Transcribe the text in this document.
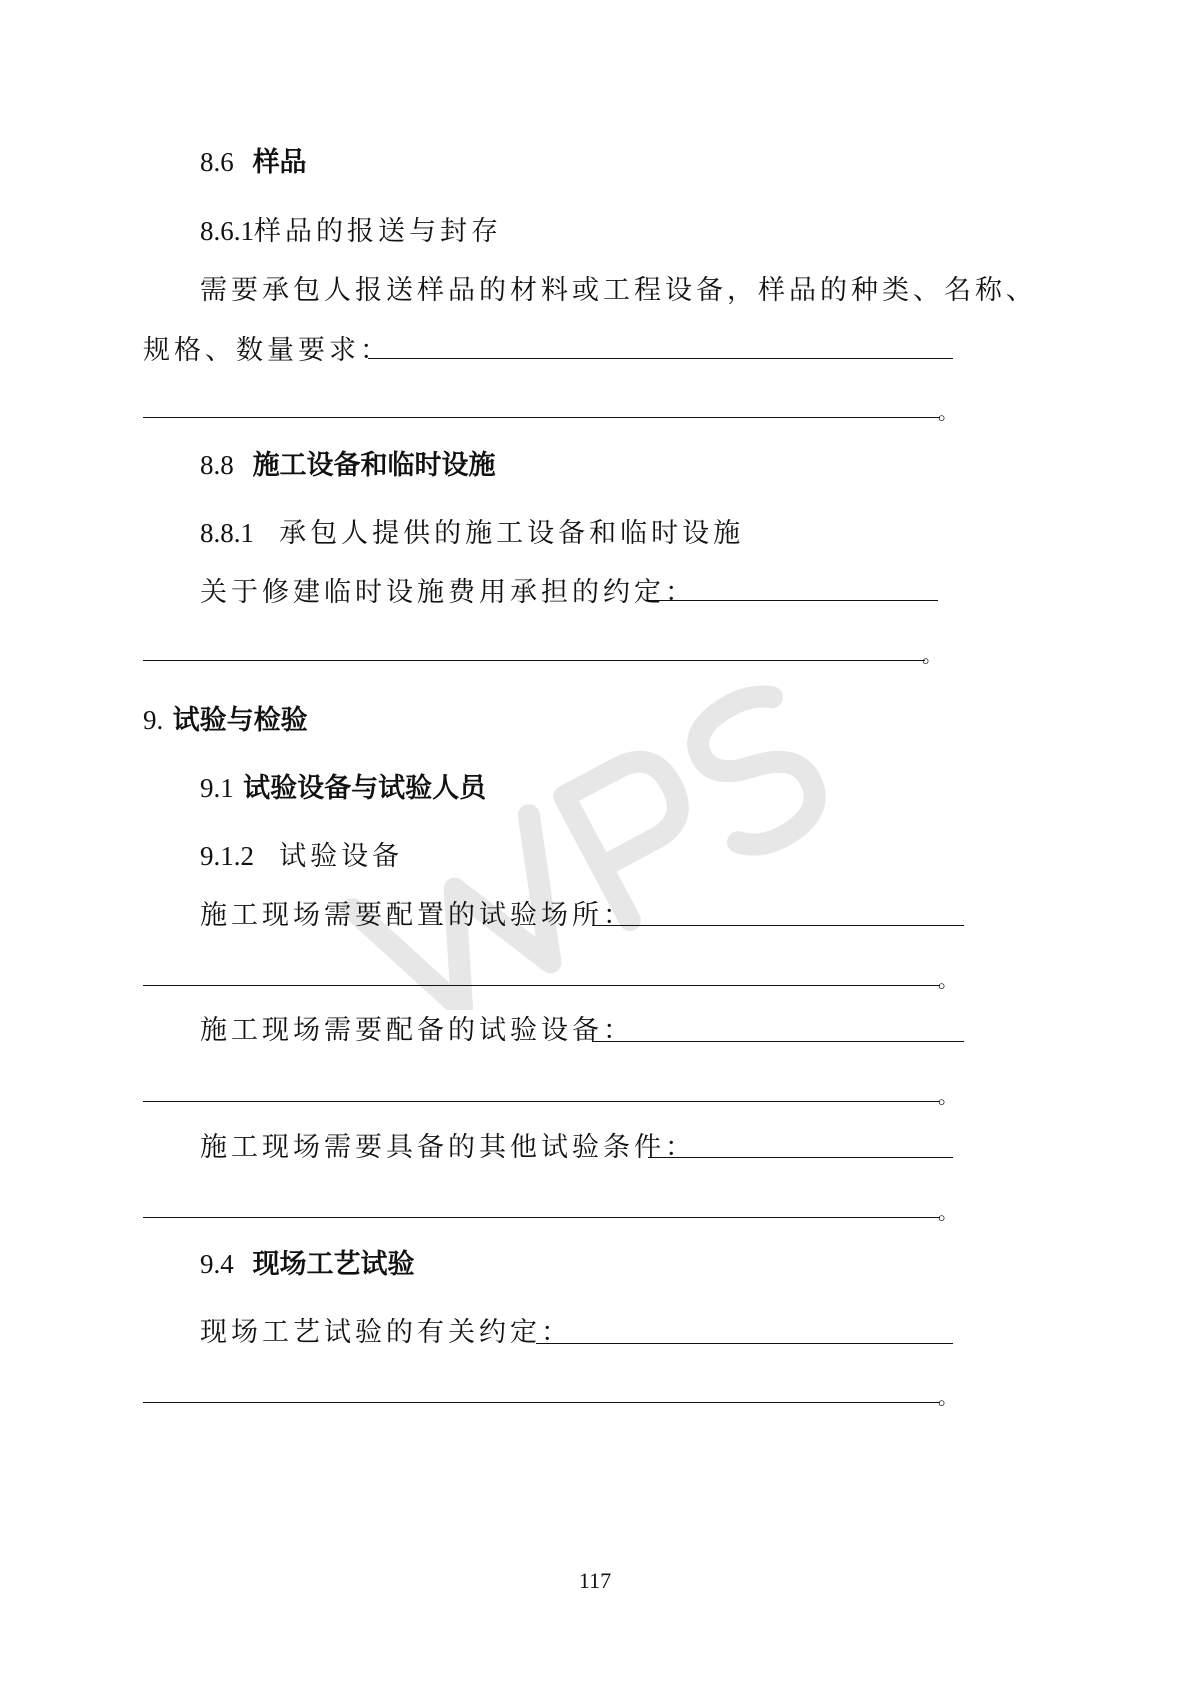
8.6 样品
8.6.1样品的报送与封存
需要承包人报送样品的材料或工程设备，样品的种类、名称、
规格、数量要求：
。
8.8 施工设备和临时设施
8.8.1 承包人提供的施工设备和临时设施
关于修建临时设施费用承担的约定：
。
9. 试验与检验
9.1 试验设备与试验人员
9.1.2 试验设备
施工现场需要配置的试验场所：
。
施工现场需要配备的试验设备：
。
施工现场需要具备的其他试验条件：
。
9.4 现场工艺试验
现场工艺试验的有关约定：
。
117
